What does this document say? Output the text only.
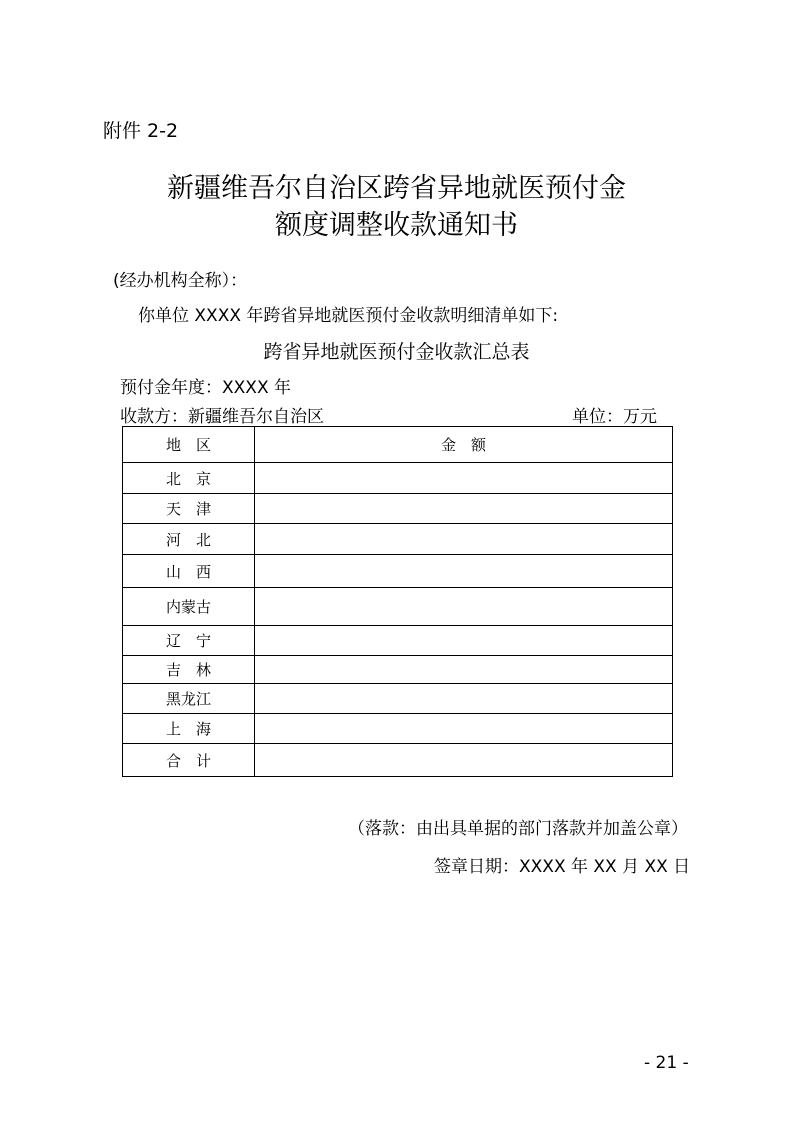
附件 2-2
新疆维吾尔自治区跨省异地就医预付金
额度调整收款通知书
(经办机构全称）：
你单位 XXXX 年跨省异地就医预付金收款明细清单如下:
跨省异地就医预付金收款汇总表
预付金年度：XXXX 年
收款方：新疆维吾尔自治区	单位：万元
地　区	金　额
北　京	
天　津	
河　北	
山　西	
内蒙古	
辽　宁	
吉　林	
黑龙江	
上　海	
合　计	
（落款：由出具单据的部门落款并加盖公章）
签章日期：XXXX 年 XX 月 XX 日
- 21 -
